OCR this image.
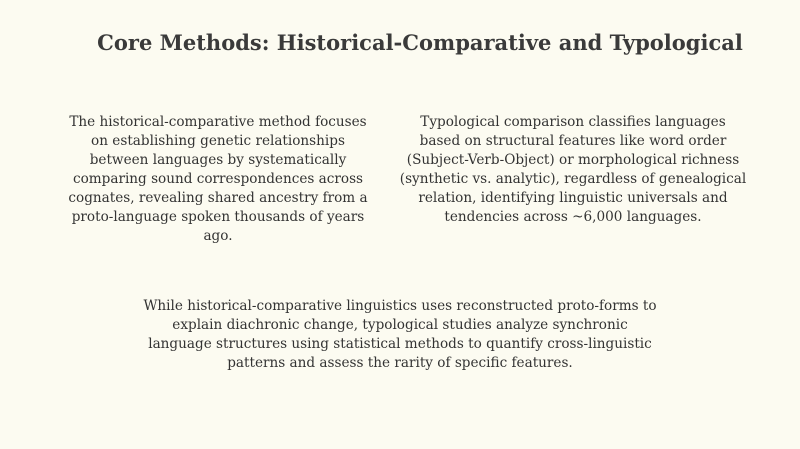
Core Methods: Historical-Comparative and Typological

The historical-comparative method focuses on establishing genetic relationships between languages by systematically comparing sound correspondences across cognates, revealing shared ancestry from a proto-language spoken thousands of years ago.

Typological comparison classifies languages based on structural features like word order (Subject-Verb-Object) or morphological richness (synthetic vs. analytic), regardless of genealogical relation, identifying linguistic universals and tendencies across ~6,000 languages.

While historical-comparative linguistics uses reconstructed proto-forms to explain diachronic change, typological studies analyze synchronic language structures using statistical methods to quantify cross-linguistic patterns and assess the rarity of specific features.
